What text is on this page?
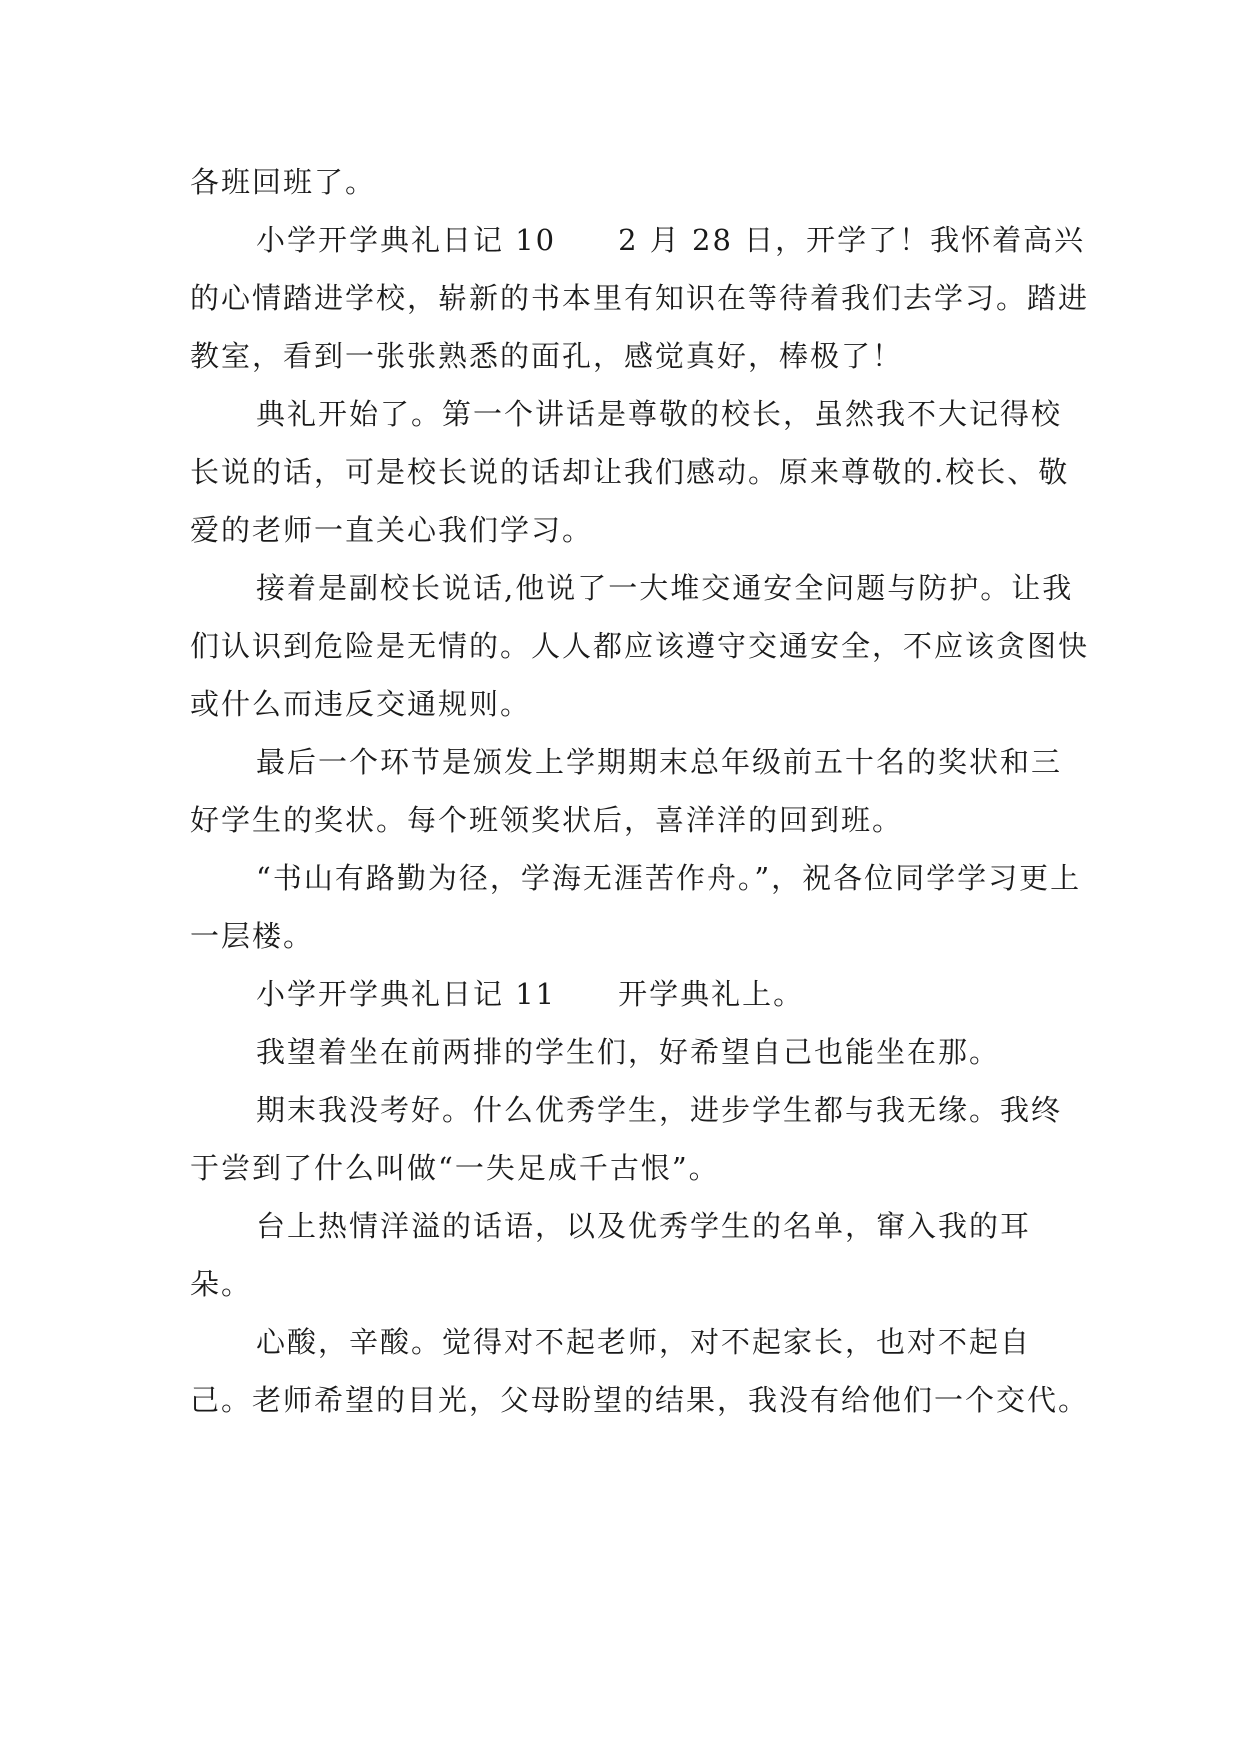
各班回班了。

小学开学典礼日记 10　　2 月 28 日，开学了！我怀着高兴的心情踏进学校，崭新的书本里有知识在等待着我们去学习。踏进教室，看到一张张熟悉的面孔，感觉真好，棒极了！

典礼开始了。第一个讲话是尊敬的校长，虽然我不大记得校长说的话，可是校长说的话却让我们感动。原来尊敬的.校长、敬爱的老师一直关心我们学习。

接着是副校长说话,他说了一大堆交通安全问题与防护。让我们认识到危险是无情的。人人都应该遵守交通安全，不应该贪图快或什么而违反交通规则。

最后一个环节是颁发上学期期末总年级前五十名的奖状和三好学生的奖状。每个班领奖状后，喜洋洋的回到班。

“书山有路勤为径，学海无涯苦作舟。”，祝各位同学学习更上一层楼。

小学开学典礼日记 11　　开学典礼上。

我望着坐在前两排的学生们，好希望自己也能坐在那。

期末我没考好。什么优秀学生，进步学生都与我无缘。我终于尝到了什么叫做“一失足成千古恨”。

台上热情洋溢的话语，以及优秀学生的名单，窜入我的耳朵。

心酸，辛酸。觉得对不起老师，对不起家长，也对不起自己。老师希望的目光，父母盼望的结果，我没有给他们一个交代。
